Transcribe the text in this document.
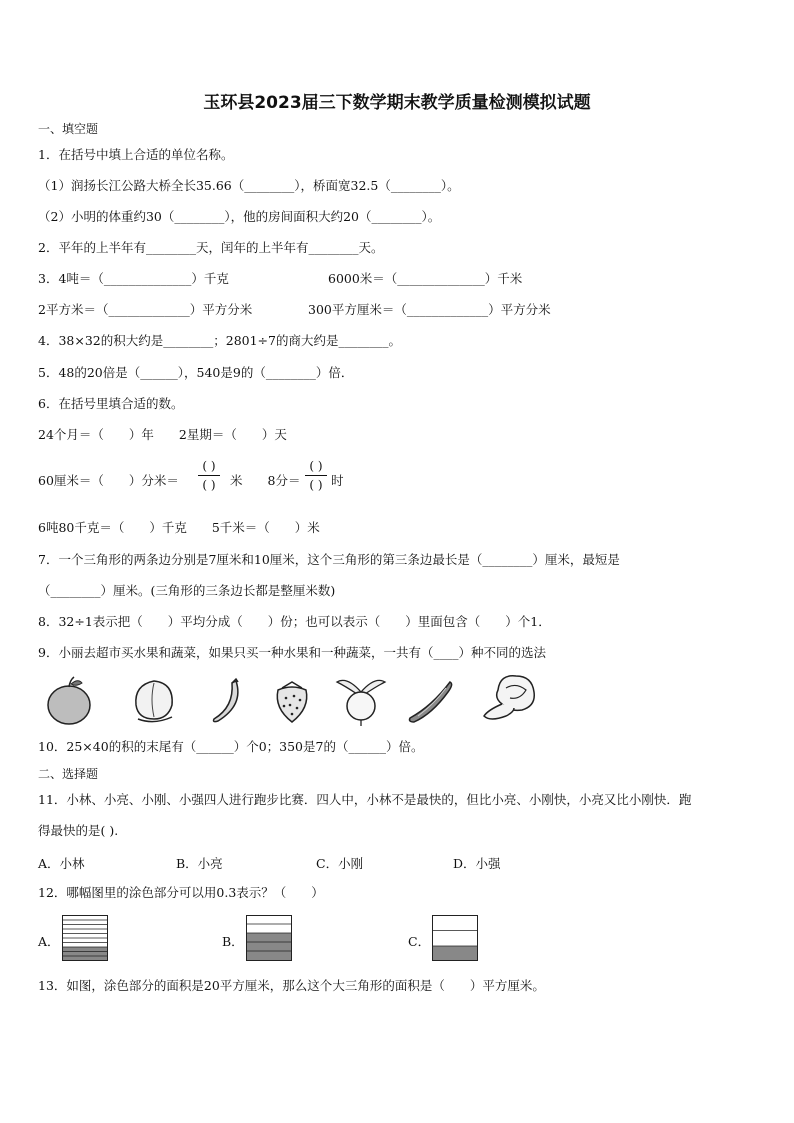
玉环县2023届三下数学期末教学质量检测模拟试题
一、填空题
1．在括号中填上合适的单位名称。
（1）润扬长江公路大桥全长35.66（________），桥面宽32.5（________）。
（2）小明的体重约30（________），他的房间面积大约20（________）。
2．平年的上半年有________天，闰年的上半年有________天。
3．4吨＝（______________）千克	6000米＝（______________）千米
2平方米＝（_____________）平方分米	300平方厘米＝（_____________）平方分米
4．38×32的积大约是________；2801÷7的商大约是________。
5．48的20倍是（______），540是9的（________）倍．
6．在括号里填合适的数。
24个月＝（　　）年　　2星期＝（　　）天
60厘米＝（　　）分米＝
( )
( ) 米　　8分＝
( )
( ) 时
6吨80千克＝（　　）千克　　5千米＝（　　）米
7．一个三角形的两条边分别是7厘米和10厘米，这个三角形的第三条边最长是（________）厘米，最短是
（________）厘米。(三角形的三条边长都是整厘米数)
8．32÷1表示把（　　）平均分成（　　）份；也可以表示（　　）里面包含（　　）个1．
9．小丽去超市买水果和蔬菜，如果只买一种水果和一种蔬菜，一共有（____）种不同的选法
10．25×40的积的末尾有（______）个0；350是7的（______）倍。
二、选择题
11．小林、小亮、小刚、小强四人进行跑步比赛．四人中，小林不是最快的，但比小亮、小刚快，小亮又比小刚快．跑
得最快的是( ).
A．小林	B．小亮	C．小刚	D．小强
12．哪幅图里的涂色部分可以用0.3表示？（　　）
A．	B．	C．
13．如图，涂色部分的面积是20平方厘米，那么这个大三角形的面积是（　　）平方厘米。
